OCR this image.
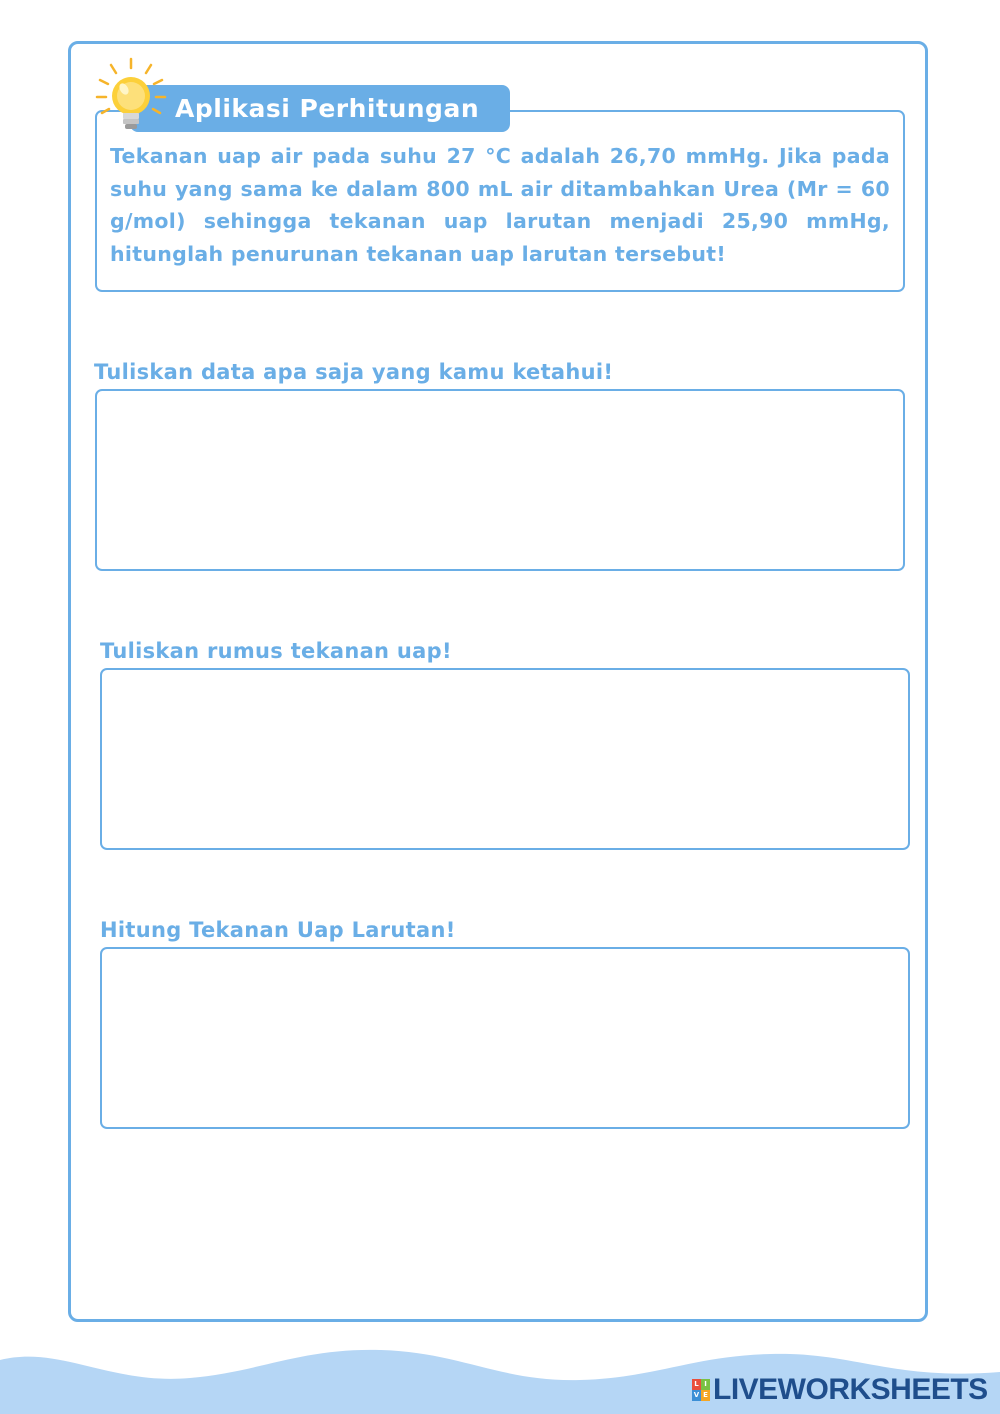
Aplikasi Perhitungan

Tekanan uap air pada suhu 27 °C adalah 26,70 mmHg. Jika pada suhu yang sama ke dalam 800 mL air ditambahkan Urea (Mr = 60 g/mol) sehingga tekanan uap larutan menjadi 25,90 mmHg, hitunglah penurunan tekanan uap larutan tersebut!

Tuliskan data apa saja yang kamu ketahui!
Tuliskan rumus tekanan uap!
Hitung Tekanan Uap Larutan!
L I
V E LIVEWORKSHEETS
